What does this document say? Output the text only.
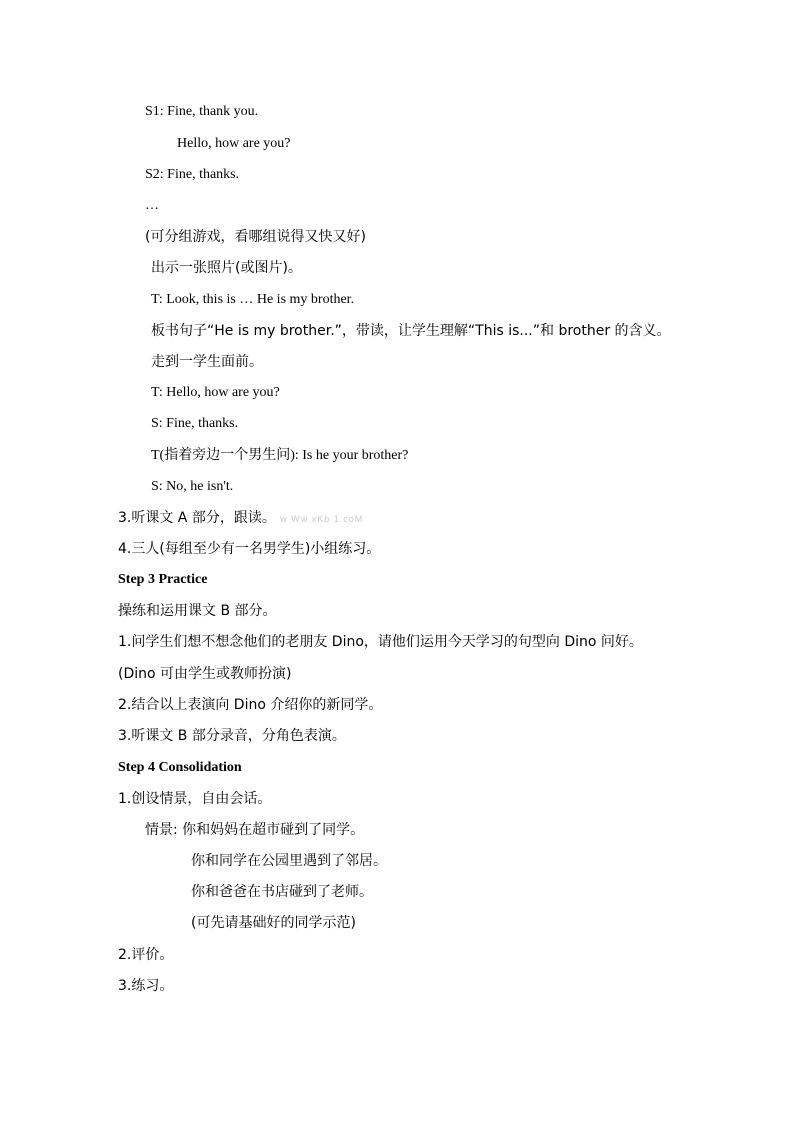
S1: Fine, thank you.
Hello, how are you?
S2: Fine, thanks.
…
(可分组游戏，看哪组说得又快又好)
出示一张照片(或图片)。
T: Look, this is … He is my brother.
板书句子“He is my brother.”，带读，让学生理解“This is...”和 brother 的含义。
走到一学生面前。
T: Hello, how are you?
S: Fine, thanks.
T(指着旁边一个男生问): Is he your brother?
S: No, he isn't.
3.听课文 A 部分，跟读。 w Ww xKb 1.coM
4.三人(每组至少有一名男学生)小组练习。
Step 3 Practice
操练和运用课文 B 部分。
1.问学生们想不想念他们的老朋友 Dino，请他们运用今天学习的句型向 Dino 问好。(Dino 可由学生或教师扮演)
2.结合以上表演向 Dino 介绍你的新同学。
3.听课文 B 部分录音，分角色表演。
Step 4 Consolidation
1.创设情景，自由会话。
情景: 你和妈妈在超市碰到了同学。
你和同学在公园里遇到了邻居。
你和爸爸在书店碰到了老师。
(可先请基础好的同学示范)
2.评价。
3.练习。
